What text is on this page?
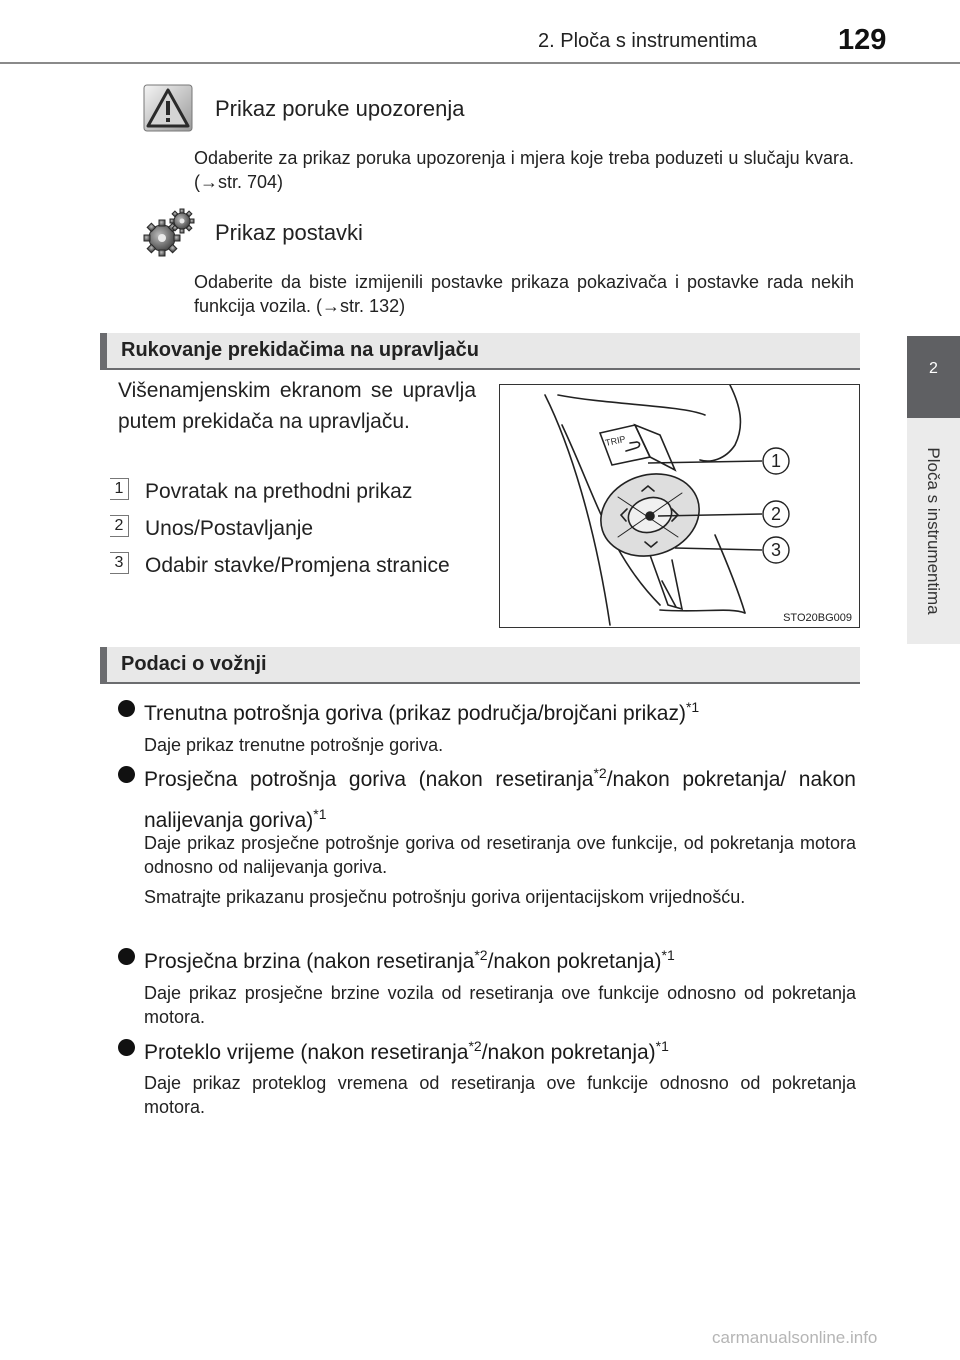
2. Ploča s instrumentima	129
2
Ploča s instrumentima
Prikaz poruke upozorenja
Odaberite za prikaz poruka upozorenja i mjera koje treba poduzeti u slučaju kvara. (→str. 704)
Prikaz postavki
Odaberite da biste izmijenili postavke prikaza pokazivača i postavke rada nekih funkcija vozila. (→str. 132)
Rukovanje prekidačima na upravljaču
Višenamjenskim ekranom se upravlja putem prekidača na upravljaču.
1 Povratak na prethodni prikaz
2 Unos/Postavljanje
3 Odabir stavke/Promjena stranice
TRIP
1
2
3
STO20BG009
Podaci o vožnji
Trenutna potrošnja goriva (prikaz područja/brojčani prikaz)$^{*1}$
Daje prikaz trenutne potrošnje goriva.
Prosječna potrošnja goriva (nakon resetiranja$^{*2}$/nakon pokretanja/ nakon nalijevanja goriva)$^{*1}$
Daje prikaz prosječne potrošnje goriva od resetiranja ove funkcije, od pokretanja motora odnosno od nalijevanja goriva.
Smatrajte prikazanu prosječnu potrošnju goriva orijentacijskom vrijednošću.
Prosječna brzina (nakon resetiranja$^{*2}$/nakon pokretanja)$^{*1}$
Daje prikaz prosječne brzine vozila od resetiranja ove funkcije odnosno od pokretanja motora.
Proteklo vrijeme (nakon resetiranja$^{*2}$/nakon pokretanja)$^{*1}$
Daje prikaz proteklog vremena od resetiranja ove funkcije odnosno od pokretanja motora.
carmanualsonline.info
